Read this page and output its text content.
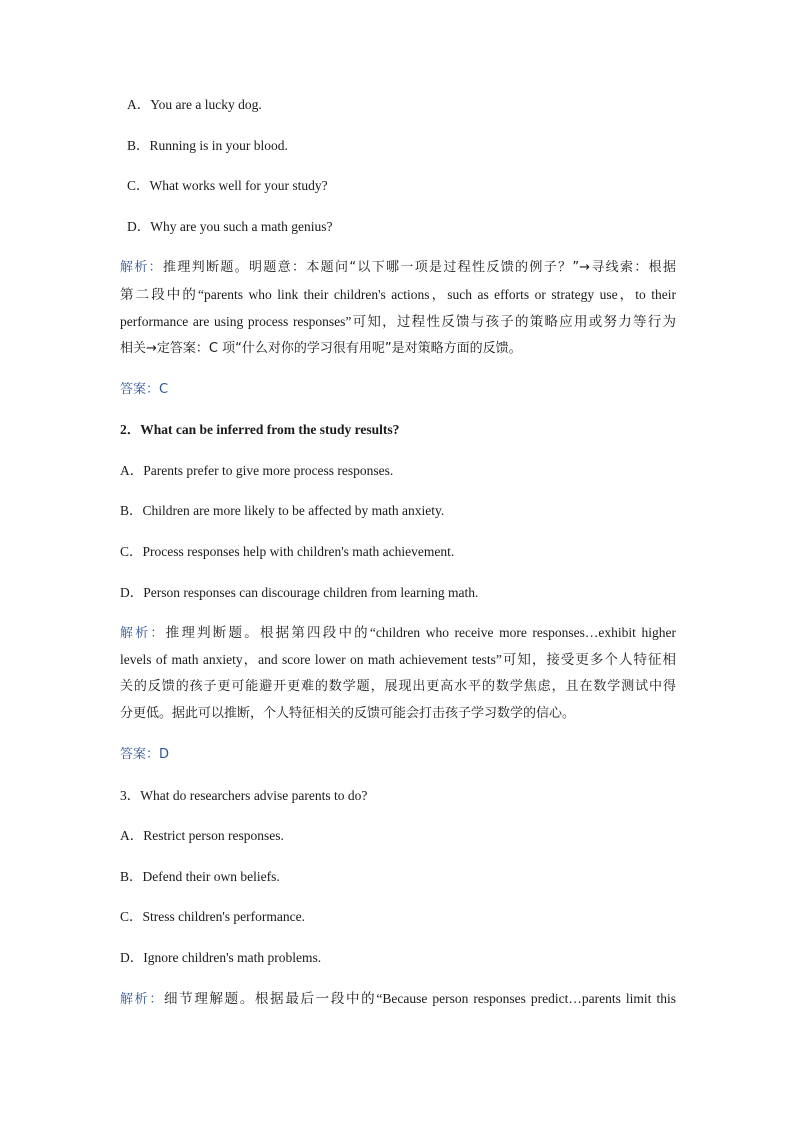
A．You are a lucky dog.
B．Running is in your blood.
C．What works well for your study?
D．Why are you such a math genius?
解析：推理判断题。明题意：本题问“以下哪一项是过程性反馈的例子？”→寻线索：根据
第二段中的“parents who link their children's actions，such as efforts or strategy use，to their
performance are using process responses”可知，过程性反馈与孩子的策略应用或努力等行为
相关→定答案：C 项“什么对你的学习很有用呢”是对策略方面的反馈。
答案：C
2．What can be inferred from the study results?
A．Parents prefer to give more process responses.
B．Children are more likely to be affected by math anxiety.
C．Process responses help with children's math achievement.
D．Person responses can discourage children from learning math.
解析：推理判断题。根据第四段中的“children who receive more responses…exhibit higher
levels of math anxiety，and score lower on math achievement tests”可知，接受更多个人特征相
关的反馈的孩子更可能避开更难的数学题，展现出更高水平的数学焦虑，且在数学测试中得
分更低。据此可以推断，个人特征相关的反馈可能会打击孩子学习数学的信心。
答案：D
3．What do researchers advise parents to do?
A．Restrict person responses.
B．Defend their own beliefs.
C．Stress children's performance.
D．Ignore children's math problems.
解析：细节理解题。根据最后一段中的“Because person responses predict…parents limit this
